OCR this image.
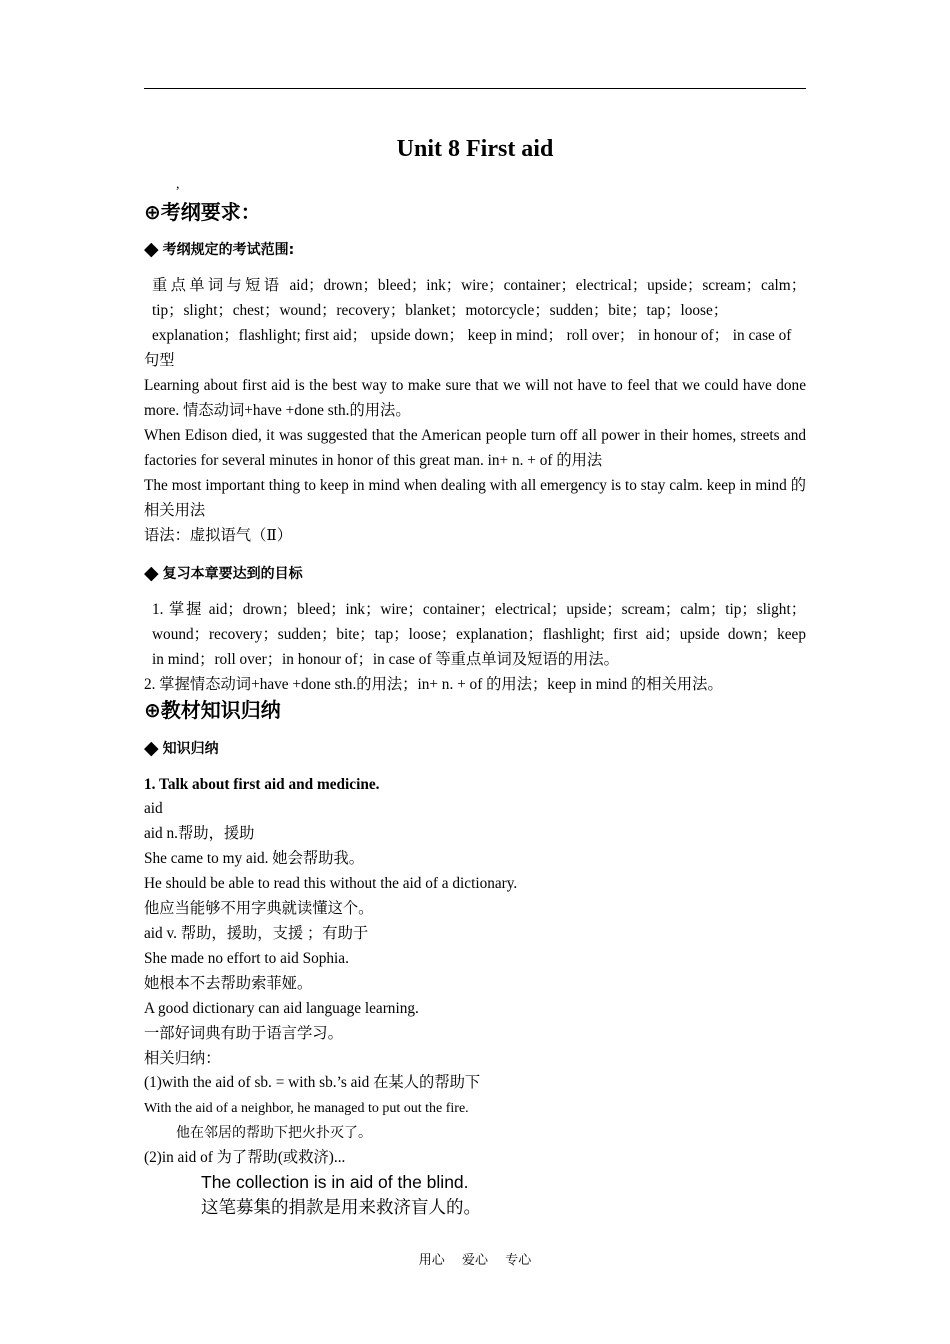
Unit 8 First aid
,
⊕考纲要求：
◆ 考纲规定的考试范围:
重点单词与短语 aid；drown；bleed；ink；wire；container；electrical；upside；scream；calm；tip；slight；chest；wound；recovery；blanket；motorcycle；sudden；bite；tap；loose；explanation；flashlight; first aid； upside down； keep in mind； roll over； in honour of； in case of
句型
Learning about first aid is the best way to make sure that we will not have to feel that we could have done more. 情态动词+have +done sth.的用法。
When Edison died, it was suggested that the American people turn off all power in their homes, streets and factories for several minutes in honor of this great man. in+ n. + of 的用法
The most important thing to keep in mind when dealing with all emergency is to stay calm. keep in mind 的相关用法
语法：虚拟语气（Ⅱ）
◆ 复习本章要达到的目标
1. 掌握 aid；drown；bleed；ink；wire；container；electrical；upside；scream；calm；tip；slight；wound；recovery；sudden；bite；tap；loose；explanation；flashlight; first aid；upside down；keep in mind；roll over；in honour of；in case of 等重点单词及短语的用法。
2. 掌握情态动词+have +done sth.的用法；in+ n. + of 的用法；keep in mind 的相关用法。
⊕教材知识归纳
◆ 知识归纳
1. Talk about first aid and medicine.
aid
aid n.帮助，援助
She came to my aid. 她会帮助我。
He should be able to read this without the aid of a dictionary.
他应当能够不用字典就读懂这个。
aid v. 帮助，援助，支援 ；有助于
She made no effort to aid Sophia.
她根本不去帮助索菲娅。
A good dictionary can aid language learning.
一部好词典有助于语言学习。
相关归纳：
(1)with the aid of sb. = with sb.’s aid 在某人的帮助下
With the aid of a neighbor, he managed to put out the fire.
他在邻居的帮助下把火扑灭了。
(2)in aid of 为了帮助(或救济)...
The collection is in aid of the blind.
这笔募集的捐款是用来救济盲人的。
用心 爱心 专心
